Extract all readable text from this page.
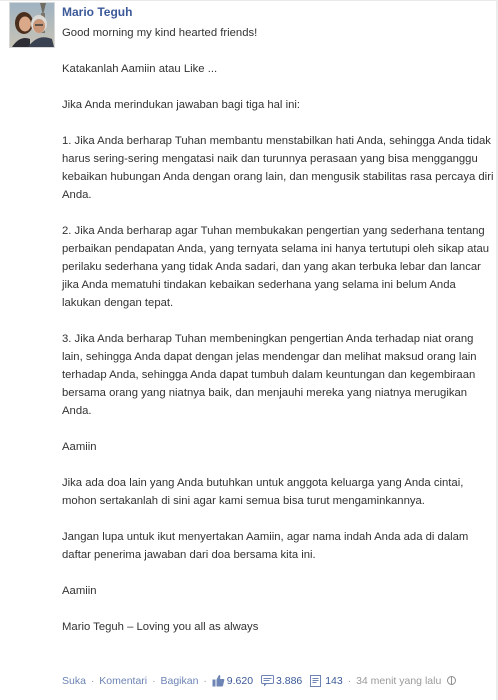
Mario Teguh

Good morning my kind hearted friends!

Katakanlah Aamiin atau Like ...

Jika Anda merindukan jawaban bagi tiga hal ini:

1. Jika Anda berharap Tuhan membantu menstabilkan hati Anda, sehingga Anda tidak harus sering-sering mengatasi naik dan turunnya perasaan yang bisa mengganggu kebaikan hubungan Anda dengan orang lain, dan mengusik stabilitas rasa percaya diri Anda.

2. Jika Anda berharap agar Tuhan membukakan pengertian yang sederhana tentang perbaikan pendapatan Anda, yang ternyata selama ini hanya tertutupi oleh sikap atau perilaku sederhana yang tidak Anda sadari, dan yang akan terbuka lebar dan lancar jika Anda mematuhi tindakan kebaikan sederhana yang selama ini belum Anda lakukan dengan tepat.

3. Jika Anda berharap Tuhan membeningkan pengertian Anda terhadap niat orang lain, sehingga Anda dapat dengan jelas mendengar dan melihat maksud orang lain terhadap Anda, sehingga Anda dapat tumbuh dalam keuntungan dan kegembiraan bersama orang yang niatnya baik, dan menjauhi mereka yang niatnya merugikan Anda.

Aamiin

Jika ada doa lain yang Anda butuhkan untuk anggota keluarga yang Anda cintai, mohon sertakanlah di sini agar kami semua bisa turut mengaminkannya.

Jangan lupa untuk ikut menyertakan Aamiin, agar nama indah Anda ada di dalam daftar penerima jawaban dari doa bersama kita ini.

Aamiin

Mario Teguh – Loving you all as always

Suka · Komentari · Bagikan · 9.620 3.886 143 · 34 menit yang lalu
